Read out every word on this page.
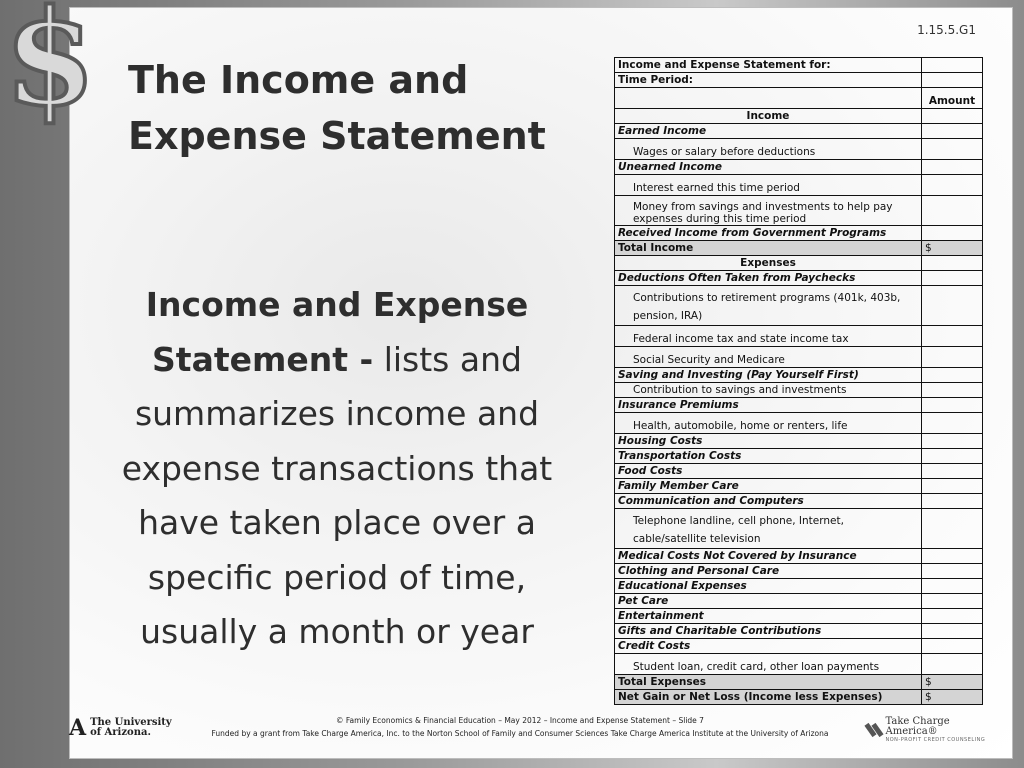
$	1.15.5.G1
The Income and Expense Statement
Income and Expense Statement - lists and summarizes income and expense transactions that have taken place over a specific period of time, usually a month or year
Income and Expense Statement for:	
Time Period:	
	Amount
Income	
Earned Income	
Wages or salary before deductions	
Unearned Income	
Interest earned this time period	
Money from savings and investments to help pay expenses during this time period	
Received Income from Government Programs	
Total Income	$
Expenses	
Deductions Often Taken from Paychecks	
Contributions to retirement programs (401k, 403b, pension, IRA)	
Federal income tax and state income tax	
Social Security and Medicare	
Saving and Investing (Pay Yourself First)	
Contribution to savings and investments	
Insurance Premiums	
Health, automobile, home or renters, life	
Housing Costs	
Transportation Costs	
Food Costs	
Family Member Care	
Communication and Computers	
Telephone landline, cell phone, Internet, cable/satellite television	
Medical Costs Not Covered by Insurance	
Clothing and Personal Care	
Educational Expenses	
Pet Care	
Entertainment	
Gifts and Charitable Contributions	
Credit Costs	
Student loan, credit card, other loan payments	
Total Expenses	$
Net Gain or Net Loss (Income less Expenses)	$
A The University
of Arizona.
© Family Economics & Financial Education – May 2012 – Income and Expense Statement – Slide 7
Funded by a grant from Take Charge America, Inc. to the Norton School of Family and Consumer Sciences Take Charge America Institute at the University of Arizona
Take Charge America®
NON-PROFIT CREDIT COUNSELING
